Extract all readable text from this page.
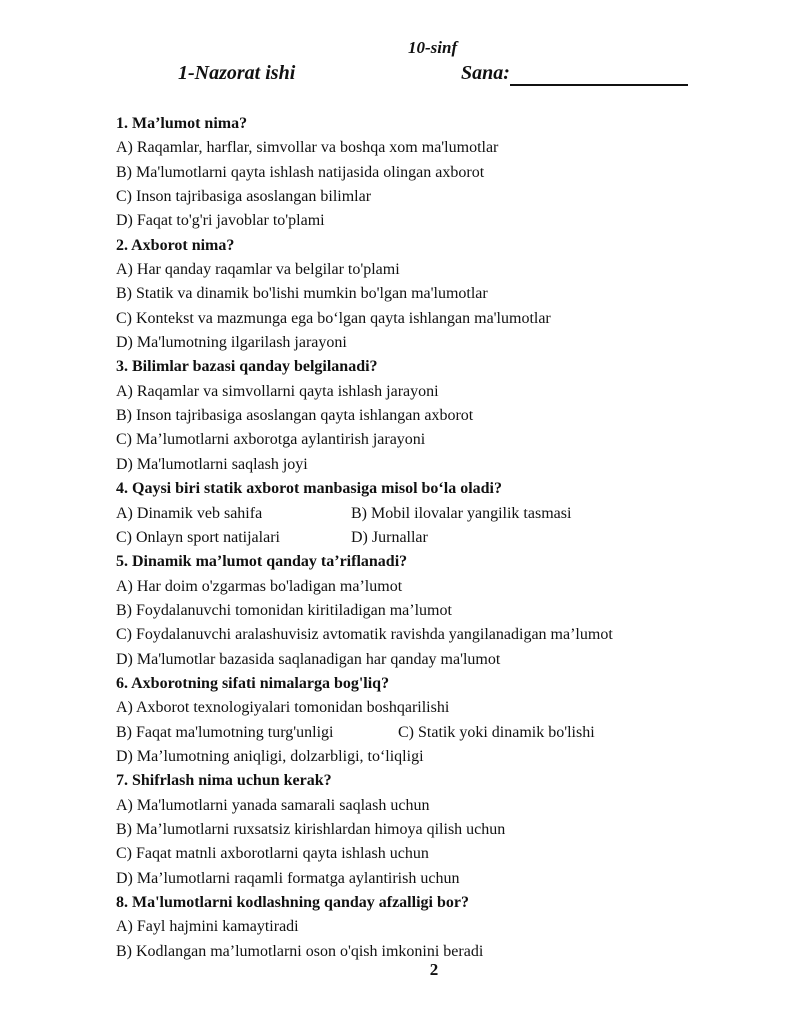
10-sinf
1-Nazorat ishi	Sana:
1. Ma’lumot nima?
A) Raqamlar, harflar, simvollar va boshqa xom ma'lumotlar
B) Ma'lumotlarni qayta ishlash natijasida olingan axborot
C) Inson tajribasiga asoslangan bilimlar
D) Faqat to'g'ri javoblar to'plami
2. Axborot nima?
A) Har qanday raqamlar va belgilar to'plami
B) Statik va dinamik bo'lishi mumkin bo'lgan ma'lumotlar
C) Kontekst va mazmunga ega bo‘lgan qayta ishlangan ma'lumotlar
D) Ma'lumotning ilgarilash jarayoni
3. Bilimlar bazasi qanday belgilanadi?
A) Raqamlar va simvollarni qayta ishlash jarayoni
B) Inson tajribasiga asoslangan qayta ishlangan axborot
C) Ma’lumotlarni axborotga aylantirish jarayoni
D) Ma'lumotlarni saqlash joyi
4. Qaysi biri statik axborot manbasiga misol bo‘la oladi?
A) Dinamik veb sahifa	B) Mobil ilovalar yangilik tasmasi
C) Onlayn sport natijalari	D) Jurnallar
5. Dinamik ma’lumot qanday ta’riflanadi?
A) Har doim o'zgarmas bo'ladigan ma’lumot
B) Foydalanuvchi tomonidan kiritiladigan ma’lumot
C) Foydalanuvchi aralashuvisiz avtomatik ravishda yangilanadigan ma’lumot
D) Ma'lumotlar bazasida saqlanadigan har qanday ma'lumot
6. Axborotning sifati nimalarga bog'liq?
A) Axborot texnologiyalari tomonidan boshqarilishi
B) Faqat ma'lumotning turg'unligi	C) Statik yoki dinamik bo'lishi
D) Ma’lumotning aniqligi, dolzarbligi, to‘liqligi
7. Shifrlash nima uchun kerak?
A) Ma'lumotlarni yanada samarali saqlash uchun
B) Ma’lumotlarni ruxsatsiz kirishlardan himoya qilish uchun
C) Faqat matnli axborotlarni qayta ishlash uchun
D) Ma’lumotlarni raqamli formatga aylantirish uchun
8. Ma'lumotlarni kodlashning qanday afzalligi bor?
A) Fayl hajmini kamaytiradi
B) Kodlangan ma’lumotlarni oson o'qish imkonini beradi
2
